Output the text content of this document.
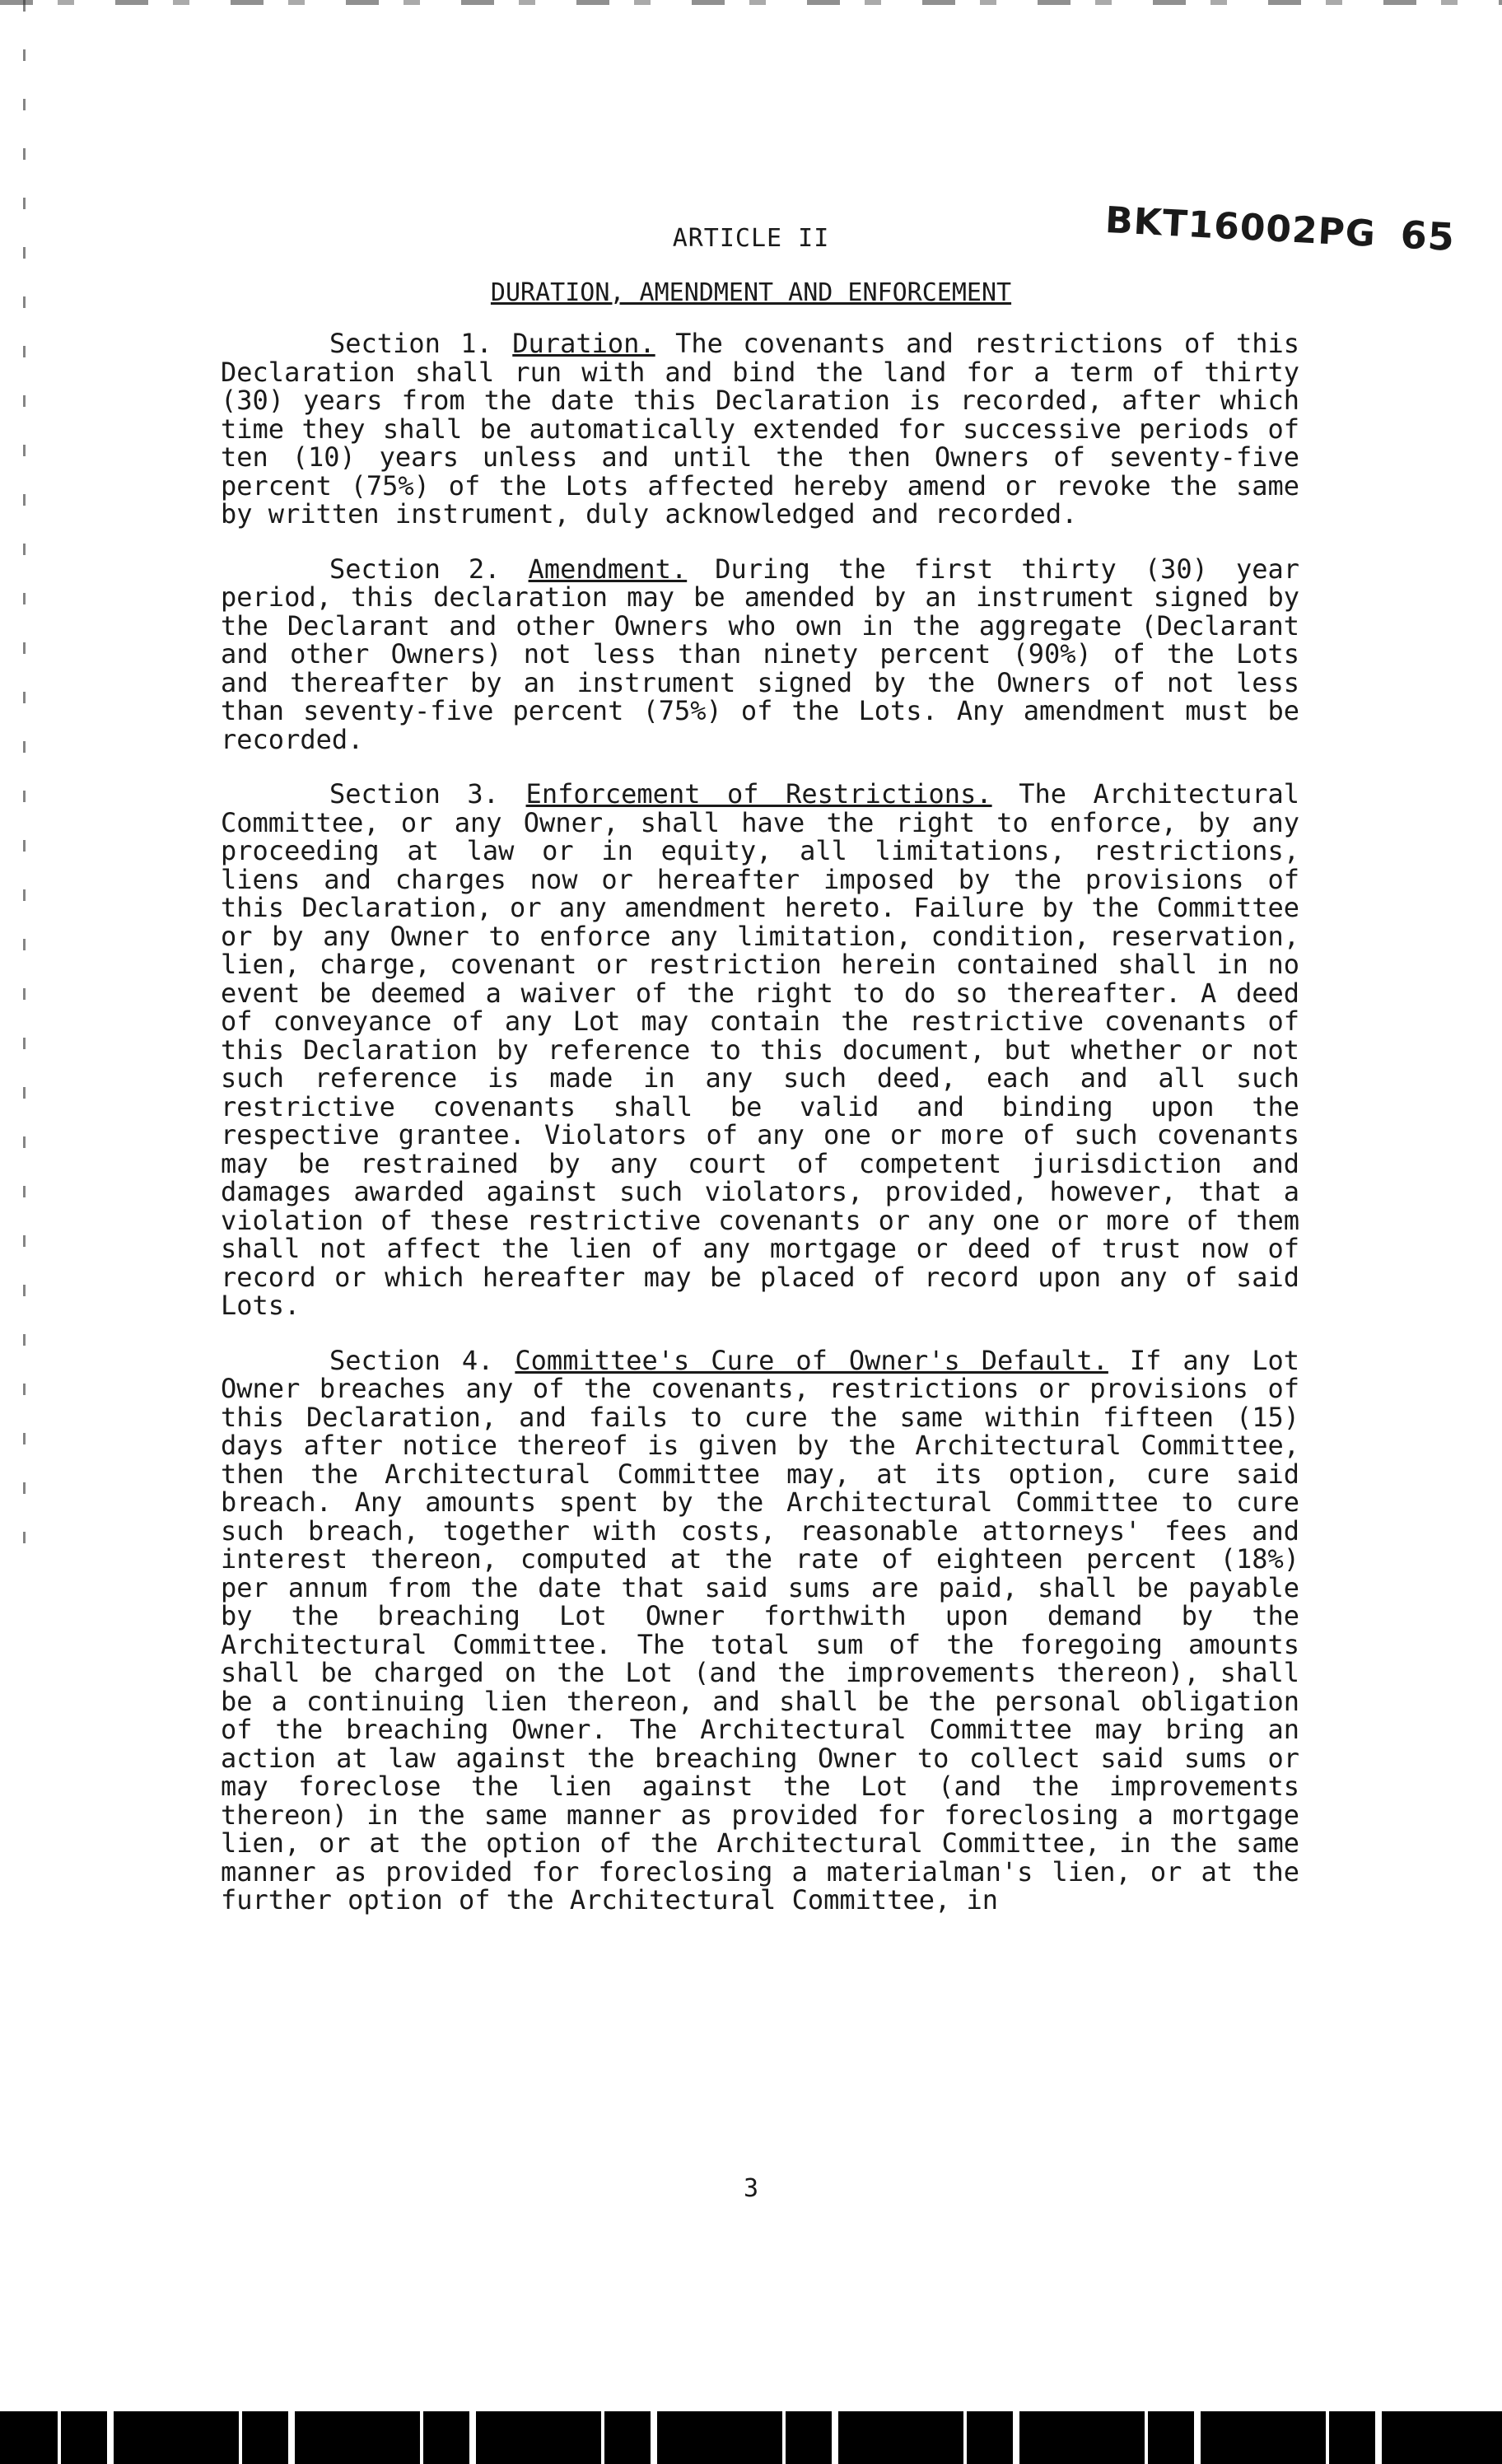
BKT16002PG 65
ARTICLE II
DURATION, AMENDMENT AND ENFORCEMENT

Section 1. Duration. The covenants and restrictions of this Declaration shall run with and bind the land for a term of thirty (30) years from the date this Declaration is recorded, after which time they shall be automatically extended for successive periods of ten (10) years unless and until the then Owners of seventy-five percent (75%) of the Lots affected hereby amend or revoke the same by written instrument, duly acknowledged and recorded.

Section 2. Amendment. During the first thirty (30) year period, this declaration may be amended by an instrument signed by the Declarant and other Owners who own in the aggregate (Declarant and other Owners) not less than ninety percent (90%) of the Lots and thereafter by an instrument signed by the Owners of not less than seventy-five percent (75%) of the Lots. Any amendment must be recorded.

Section 3. Enforcement of Restrictions. The Architectural Committee, or any Owner, shall have the right to enforce, by any proceeding at law or in equity, all limitations, restrictions, liens and charges now or hereafter imposed by the provisions of this Declaration, or any amendment hereto. Failure by the Committee or by any Owner to enforce any limitation, condition, reservation, lien, charge, covenant or restriction herein contained shall in no event be deemed a waiver of the right to do so thereafter. A deed of conveyance of any Lot may contain the restrictive covenants of this Declaration by reference to this document, but whether or not such reference is made in any such deed, each and all such restrictive covenants shall be valid and binding upon the respective grantee. Violators of any one or more of such covenants may be restrained by any court of competent jurisdiction and damages awarded against such violators, provided, however, that a violation of these restrictive covenants or any one or more of them shall not affect the lien of any mortgage or deed of trust now of record or which hereafter may be placed of record upon any of said Lots.

Section 4. Committee's Cure of Owner's Default. If any Lot Owner breaches any of the covenants, restrictions or provisions of this Declaration, and fails to cure the same within fifteen (15) days after notice thereof is given by the Architectural Committee, then the Architectural Committee may, at its option, cure said breach. Any amounts spent by the Architectural Committee to cure such breach, together with costs, reasonable attorneys' fees and interest thereon, computed at the rate of eighteen percent (18%) per annum from the date that said sums are paid, shall be payable by the breaching Lot Owner forthwith upon demand by the Architectural Committee. The total sum of the foregoing amounts shall be charged on the Lot (and the improvements thereon), shall be a continuing lien thereon, and shall be the personal obligation of the breaching Owner. The Architectural Committee may bring an action at law against the breaching Owner to collect said sums or may foreclose the lien against the Lot (and the improvements thereon) in the same manner as provided for foreclosing a mortgage lien, or at the option of the Architectural Committee, in the same manner as provided for foreclosing a materialman's lien, or at the further option of the Architectural Committee, in

3
